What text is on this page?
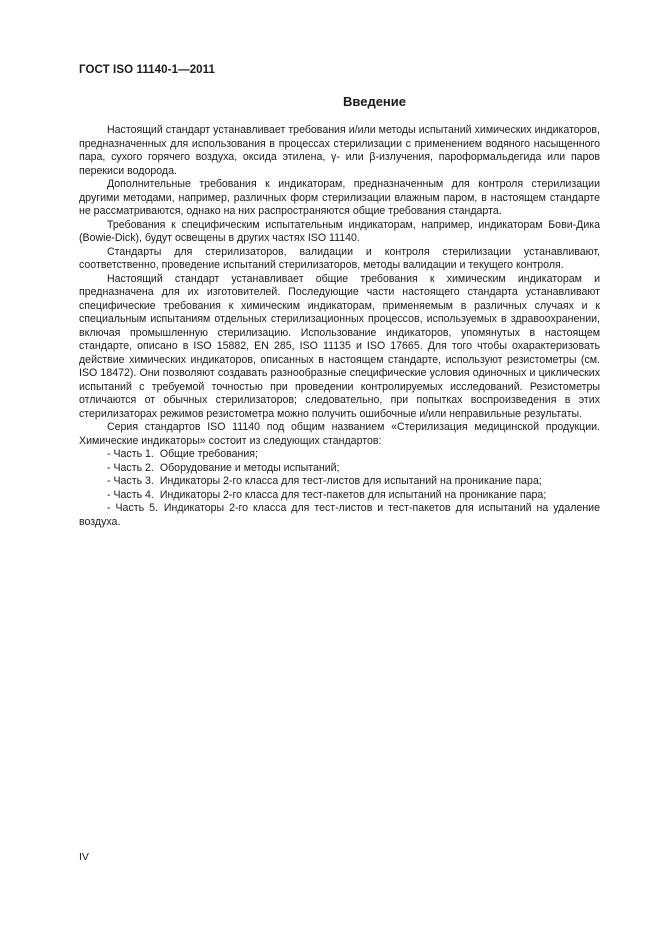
ГОСТ ISO 11140-1—2011
Введение

Настоящий стандарт устанавливает требования и/или методы испытаний химических индикаторов, предназначенных для использования в процессах стерилизации с применением водяного насыщенного пара, сухого горячего воздуха, оксида этилена, γ- или β-излучения, пароформальдегида или паров перекиси водорода.

Дополнительные требования к индикаторам, предназначенным для контроля стерилизации другими методами, например, различных форм стерилизации влажным паром, в настоящем стандарте не рассматриваются, однако на них распространяются общие требования стандарта.

Требования к специфическим испытательным индикаторам, например, индикаторам Бови-Дика (Bowie-Dick), будут освещены в других частях ISO 11140.

Стандарты для стерилизаторов, валидации и контроля стерилизации устанавливают, соответственно, проведение испытаний стерилизаторов, методы валидации и текущего контроля.

Настоящий стандарт устанавливает общие требования к химическим индикаторам и предназначена для их изготовителей. Последующие части настоящего стандарта устанавливают специфические требования к химическим индикаторам, применяемым в различных случаях и к специальным испытаниям отдельных стерилизационных процессов, используемых в здравоохранении, включая промышленную стерилизацию. Использование индикаторов, упомянутых в настоящем стандарте, описано в ISO 15882, EN 285, ISO 11135 и ISO 17665. Для того чтобы охарактеризовать действие химических индикаторов, описанных в настоящем стандарте, используют резистометры (см. ISO 18472). Они позволяют создавать разнообразные специфические условия одиночных и циклических испытаний с требуемой точностью при проведении контролируемых исследований. Резистометры отличаются от обычных стерилизаторов; следовательно, при попытках воспроизведения в этих стерилизаторах режимов резистометра можно получить ошибочные и/или неправильные результаты.

Серия стандартов ISO 11140 под общим названием «Стерилизация медицинской продукции. Химические индикаторы» состоит из следующих стандартов:

- Часть 1. Общие требования;
- Часть 2. Оборудование и методы испытаний;
- Часть 3. Индикаторы 2-го класса для тест-листов для испытаний на проникание пара;
- Часть 4. Индикаторы 2-го класса для тест-пакетов для испытаний на проникание пара;
- Часть 5. Индикаторы 2-го класса для тест-листов и тест-пакетов для испытаний на удаление воздуха.
IV
